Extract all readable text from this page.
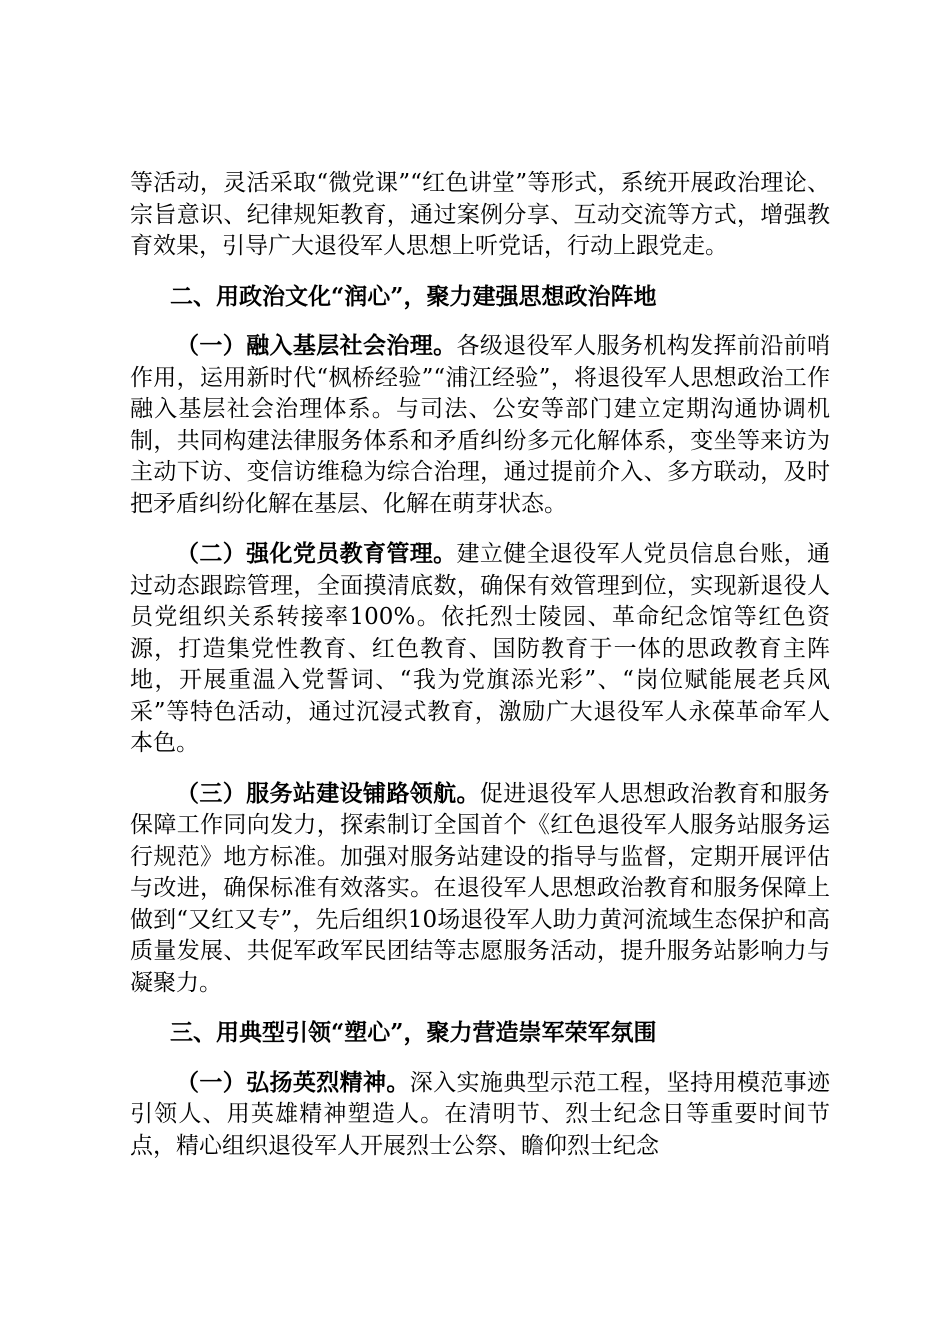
等活动，灵活采取“微党课”“红色讲堂”等形式，系统开展政治理论、宗旨意识、纪律规矩教育，通过案例分享、互动交流等方式，增强教育效果，引导广大退役军人思想上听党话，行动上跟党走。

二、用政治文化“润心”，聚力建强思想政治阵地

（一）融入基层社会治理。各级退役军人服务机构发挥前沿前哨作用，运用新时代“枫桥经验”“浦江经验”，将退役军人思想政治工作融入基层社会治理体系。与司法、公安等部门建立定期沟通协调机制，共同构建法律服务体系和矛盾纠纷多元化解体系，变坐等来访为主动下访、变信访维稳为综合治理，通过提前介入、多方联动，及时把矛盾纠纷化解在基层、化解在萌芽状态。

（二）强化党员教育管理。建立健全退役军人党员信息台账，通过动态跟踪管理，全面摸清底数，确保有效管理到位，实现新退役人员党组织关系转接率100%。依托烈士陵园、革命纪念馆等红色资源，打造集党性教育、红色教育、国防教育于一体的思政教育主阵地，开展重温入党誓词、“我为党旗添光彩”、“岗位赋能展老兵风采”等特色活动，通过沉浸式教育，激励广大退役军人永葆革命军人本色。

（三）服务站建设铺路领航。促进退役军人思想政治教育和服务保障工作同向发力，探索制订全国首个《红色退役军人服务站服务运行规范》地方标准。加强对服务站建设的指导与监督，定期开展评估与改进，确保标准有效落实。在退役军人思想政治教育和服务保障上做到“又红又专”，先后组织10场退役军人助力黄河流域生态保护和高质量发展、共促军政军民团结等志愿服务活动，提升服务站影响力与凝聚力。

三、用典型引领“塑心”，聚力营造崇军荣军氛围

（一）弘扬英烈精神。深入实施典型示范工程，坚持用模范事迹引领人、用英雄精神塑造人。在清明节、烈士纪念日等重要时间节点，精心组织退役军人开展烈士公祭、瞻仰烈士纪念
